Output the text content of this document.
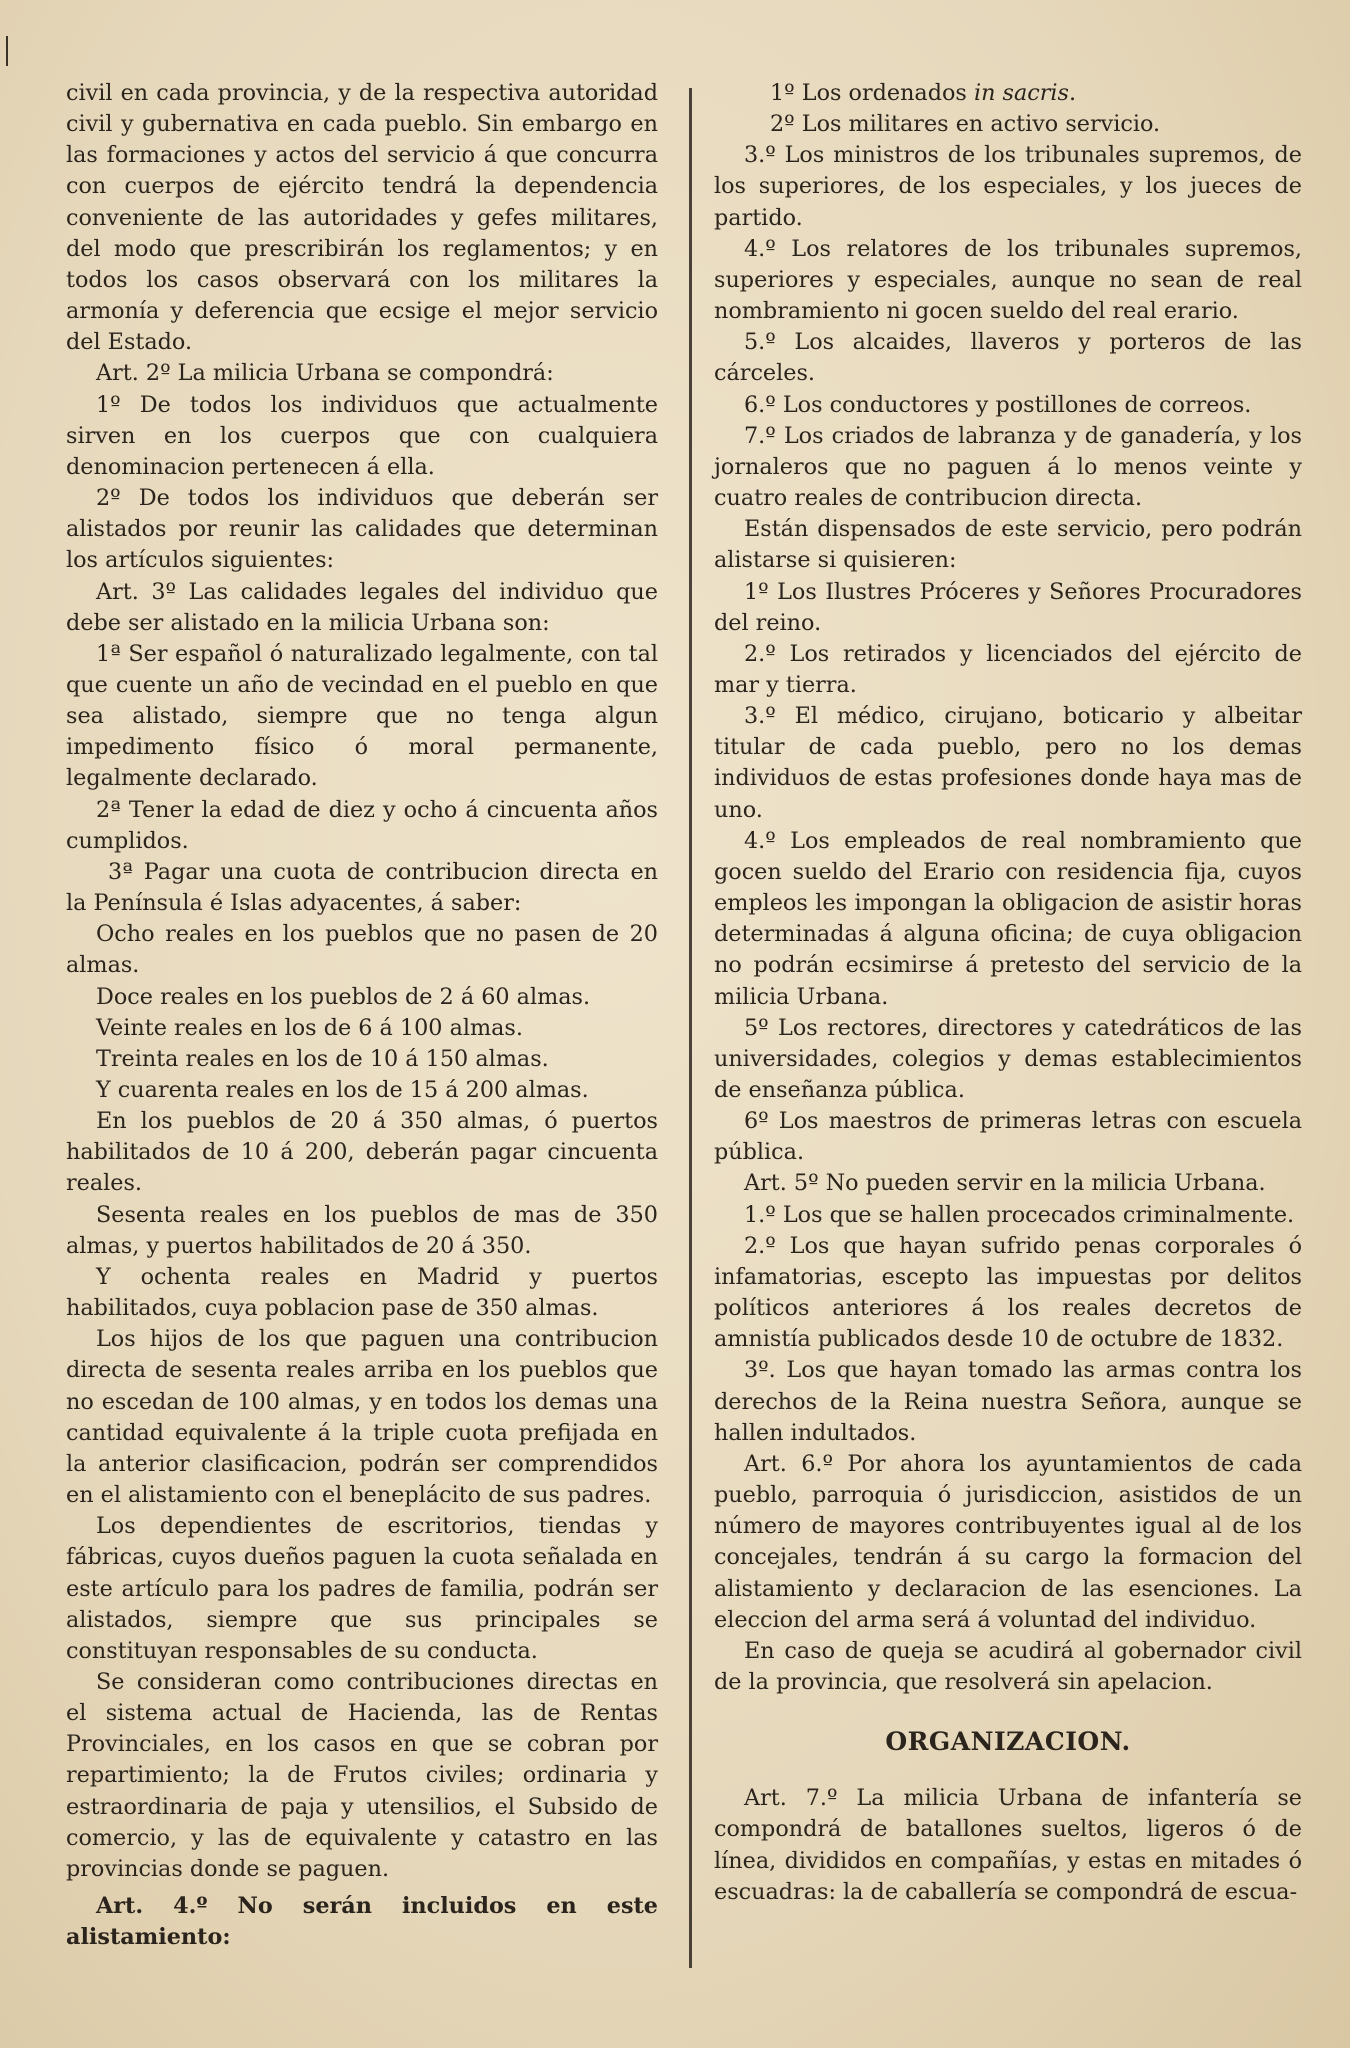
civil en cada provincia, y de la respectiva autoridad civil y gubernativa en cada pueblo. Sin embargo en las formaciones y actos del servicio á que concurra con cuerpos de ejército tendrá la dependencia conveniente de las autoridades y gefes militares, del modo que prescribirán los reglamentos; y en todos los casos observará con los militares la armonía y deferencia que ecsige el mejor servicio del Estado.

Art. 2º La milicia Urbana se compondrá:

1º De todos los individuos que actualmente sirven en los cuerpos que con cualquiera denominacion pertenecen á ella.

2º De todos los individuos que deberán ser alistados por reunir las calidades que determinan los artículos siguientes:

Art. 3º Las calidades legales del individuo que debe ser alistado en la milicia Urbana son:

1ª Ser español ó naturalizado legalmente, con tal que cuente un año de vecindad en el pueblo en que sea alistado, siempre que no tenga algun impedimento físico ó moral permanente, legalmente declarado.

2ª Tener la edad de diez y ocho á cincuenta años cumplidos.

3ª Pagar una cuota de contribucion directa en la Península é Islas adyacentes, á saber:

Ocho reales en los pueblos que no pasen de 20 almas.

Doce reales en los pueblos de 2 á 60 almas.

Veinte reales en los de 6 á 100 almas.

Treinta reales en los de 10 á 150 almas.

Y cuarenta reales en los de 15 á 200 almas.

En los pueblos de 20 á 350 almas, ó puertos habilitados de 10 á 200, deberán pagar cincuenta reales.

Sesenta reales en los pueblos de mas de 350 almas, y puertos habilitados de 20 á 350.

Y ochenta reales en Madrid y puertos habilitados, cuya poblacion pase de 350 almas.

Los hijos de los que paguen una contribucion directa de sesenta reales arriba en los pueblos que no escedan de 100 almas, y en todos los demas una cantidad equivalente á la triple cuota prefijada en la anterior clasificacion, podrán ser comprendidos en el alistamiento con el beneplácito de sus padres.

Los dependientes de escritorios, tiendas y fábricas, cuyos dueños paguen la cuota señalada en este artículo para los padres de familia, podrán ser alistados, siempre que sus principales se constituyan responsables de su conducta.

Se consideran como contribuciones directas en el sistema actual de Hacienda, las de Rentas Provinciales, en los casos en que se cobran por repartimiento; la de Frutos civiles; ordinaria y estraordinaria de paja y utensilios, el Subsido de comercio, y las de equivalente y catastro en las provincias donde se paguen.

Art. 4.º No serán incluidos en este alistamiento:

1º Los ordenados in sacris.

2º Los militares en activo servicio.

3.º Los ministros de los tribunales supremos, de los superiores, de los especiales, y los jueces de partido.

4.º Los relatores de los tribunales supremos, superiores y especiales, aunque no sean de real nombramiento ni gocen sueldo del real erario.

5.º Los alcaides, llaveros y porteros de las cárceles.

6.º Los conductores y postillones de correos.

7.º Los criados de labranza y de ganadería, y los jornaleros que no paguen á lo menos veinte y cuatro reales de contribucion directa.

Están dispensados de este servicio, pero podrán alistarse si quisieren:

1º Los Ilustres Próceres y Señores Procuradores del reino.

2.º Los retirados y licenciados del ejército de mar y tierra.

3.º El médico, cirujano, boticario y albeitar titular de cada pueblo, pero no los demas individuos de estas profesiones donde haya mas de uno.

4.º Los empleados de real nombramiento que gocen sueldo del Erario con residencia fija, cuyos empleos les impongan la obligacion de asistir horas determinadas á alguna oficina; de cuya obligacion no podrán ecsimirse á pretesto del servicio de la milicia Urbana.

5º Los rectores, directores y catedráticos de las universidades, colegios y demas establecimientos de enseñanza pública.

6º Los maestros de primeras letras con escuela pública.

Art. 5º No pueden servir en la milicia Urbana.

1.º Los que se hallen procecados criminalmente.

2.º Los que hayan sufrido penas corporales ó infamatorias, escepto las impuestas por delitos políticos anteriores á los reales decretos de amnistía publicados desde 10 de octubre de 1832.

3º. Los que hayan tomado las armas contra los derechos de la Reina nuestra Señora, aunque se hallen indultados.

Art. 6.º Por ahora los ayuntamientos de cada pueblo, parroquia ó jurisdiccion, asistidos de un número de mayores contribuyentes igual al de los concejales, tendrán á su cargo la formacion del alistamiento y declaracion de las esenciones. La eleccion del arma será á voluntad del individuo.

En caso de queja se acudirá al gobernador civil de la provincia, que resolverá sin apelacion.

ORGANIZACION.

Art. 7.º La milicia Urbana de infantería se compondrá de batallones sueltos, ligeros ó de línea, divididos en compañías, y estas en mitades ó escuadras: la de caballería se compondrá de escua-
